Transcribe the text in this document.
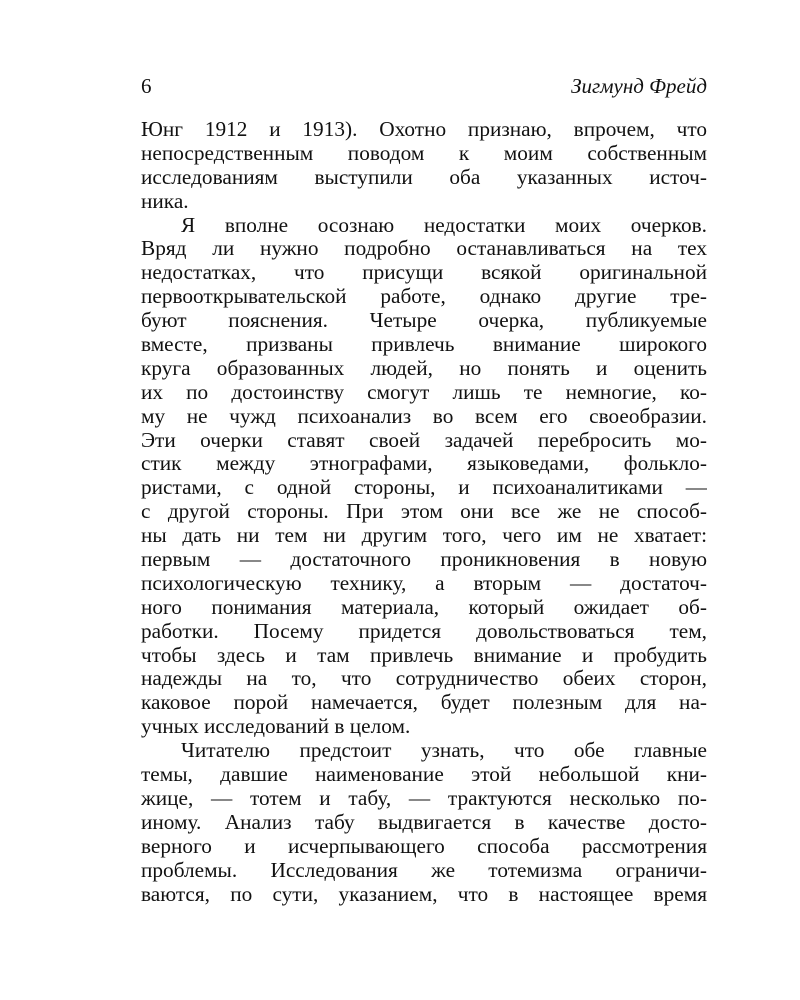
6	Зигмунд Фрейд
Юнг 1912 и 1913). Охотно признаю, впрочем, что
непосредственным поводом к моим собственным
исследованиям выступили оба указанных источ-
ника.
Я вполне осознаю недостатки моих очерков.
Вряд ли нужно подробно останавливаться на тех
недостатках, что присущи всякой оригинальной
первооткрывательской работе, однако другие тре-
буют пояснения. Четыре очерка, публикуемые
вместе, призваны привлечь внимание широкого
круга образованных людей, но понять и оценить
их по достоинству смогут лишь те немногие, ко-
му не чужд психоанализ во всем его своеобразии.
Эти очерки ставят своей задачей перебросить мо-
стик между этнографами, языковедами, фолькло-
ристами, с одной стороны, и психоаналитиками —
с другой стороны. При этом они все же не способ-
ны дать ни тем ни другим того, чего им не хватает:
первым — достаточного проникновения в новую
психологическую технику, а вторым — достаточ-
ного понимания материала, который ожидает об-
работки. Посему придется довольствоваться тем,
чтобы здесь и там привлечь внимание и пробудить
надежды на то, что сотрудничество обеих сторон,
каковое порой намечается, будет полезным для на-
учных исследований в целом.
Читателю предстоит узнать, что обе главные
темы, давшие наименование этой небольшой кни-
жице, — тотем и табу, — трактуются несколько по-
иному. Анализ табу выдвигается в качестве досто-
верного и исчерпывающего способа рассмотрения
проблемы. Исследования же тотемизма ограничи-
ваются, по сути, указанием, что в настоящее время
